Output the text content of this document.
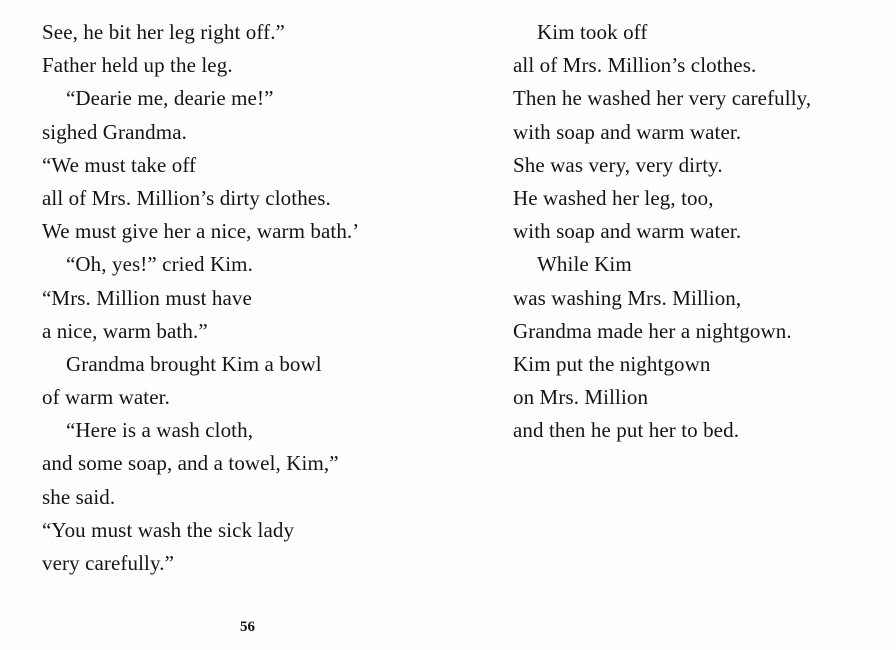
See, he bit her leg right off.”
Father held up the leg.
“Dearie me, dearie me!”
sighed Grandma.
“We must take off
all of Mrs. Million’s dirty clothes.
We must give her a nice, warm bath.’
“Oh, yes!” cried Kim.
“Mrs. Million must have
a nice, warm bath.”
Grandma brought Kim a bowl
of warm water.
“Here is a wash cloth,
and some soap, and a towel, Kim,”
she said.
“You must wash the sick lady
very carefully.”
Kim took off
all of Mrs. Million’s clothes.
Then he washed her very carefully,
with soap and warm water.
She was very, very dirty.
He washed her leg, too,
with soap and warm water.
While Kim
was washing Mrs. Million,
Grandma made her a nightgown.
Kim put the nightgown
on Mrs. Million
and then he put her to bed.
56
